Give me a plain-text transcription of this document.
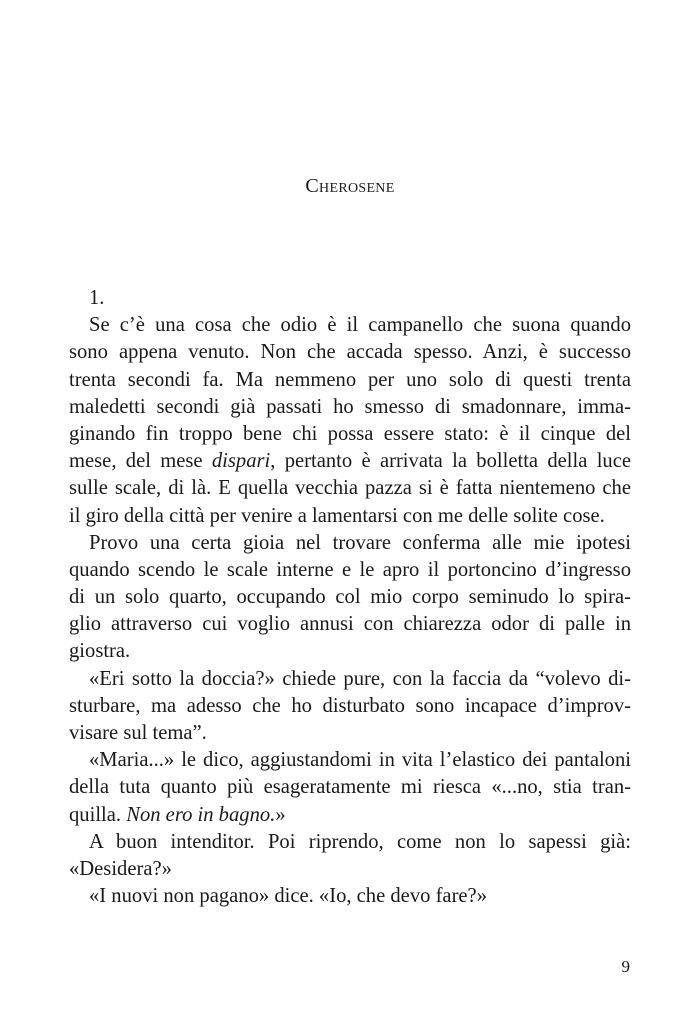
Cherosene
1.
Se c’è una cosa che odio è il campanello che suona quando
sono appena venuto. Non che accada spesso. Anzi, è successo
trenta secondi fa. Ma nemmeno per uno solo di questi trenta
maledetti secondi già passati ho smesso di smadonnare, imma-
ginando fin troppo bene chi possa essere stato: è il cinque del
mese, del mese dispari, pertanto è arrivata la bolletta della luce
sulle scale, di là. E quella vecchia pazza si è fatta nientemeno che
il giro della città per venire a lamentarsi con me delle solite cose.
Provo una certa gioia nel trovare conferma alle mie ipotesi
quando scendo le scale interne e le apro il portoncino d’ingresso
di un solo quarto, occupando col mio corpo seminudo lo spira-
glio attraverso cui voglio annusi con chiarezza odor di palle in
giostra.
«Eri sotto la doccia?» chiede pure, con la faccia da “volevo di-
sturbare, ma adesso che ho disturbato sono incapace d’improv-
visare sul tema”.
«Maria...» le dico, aggiustandomi in vita l’elastico dei pantaloni
della tuta quanto più esageratamente mi riesca «...no, stia tran-
quilla. Non ero in bagno.»
A buon intenditor. Poi riprendo, come non lo sapessi già:
«Desidera?»
«I nuovi non pagano» dice. «Io, che devo fare?»
9
